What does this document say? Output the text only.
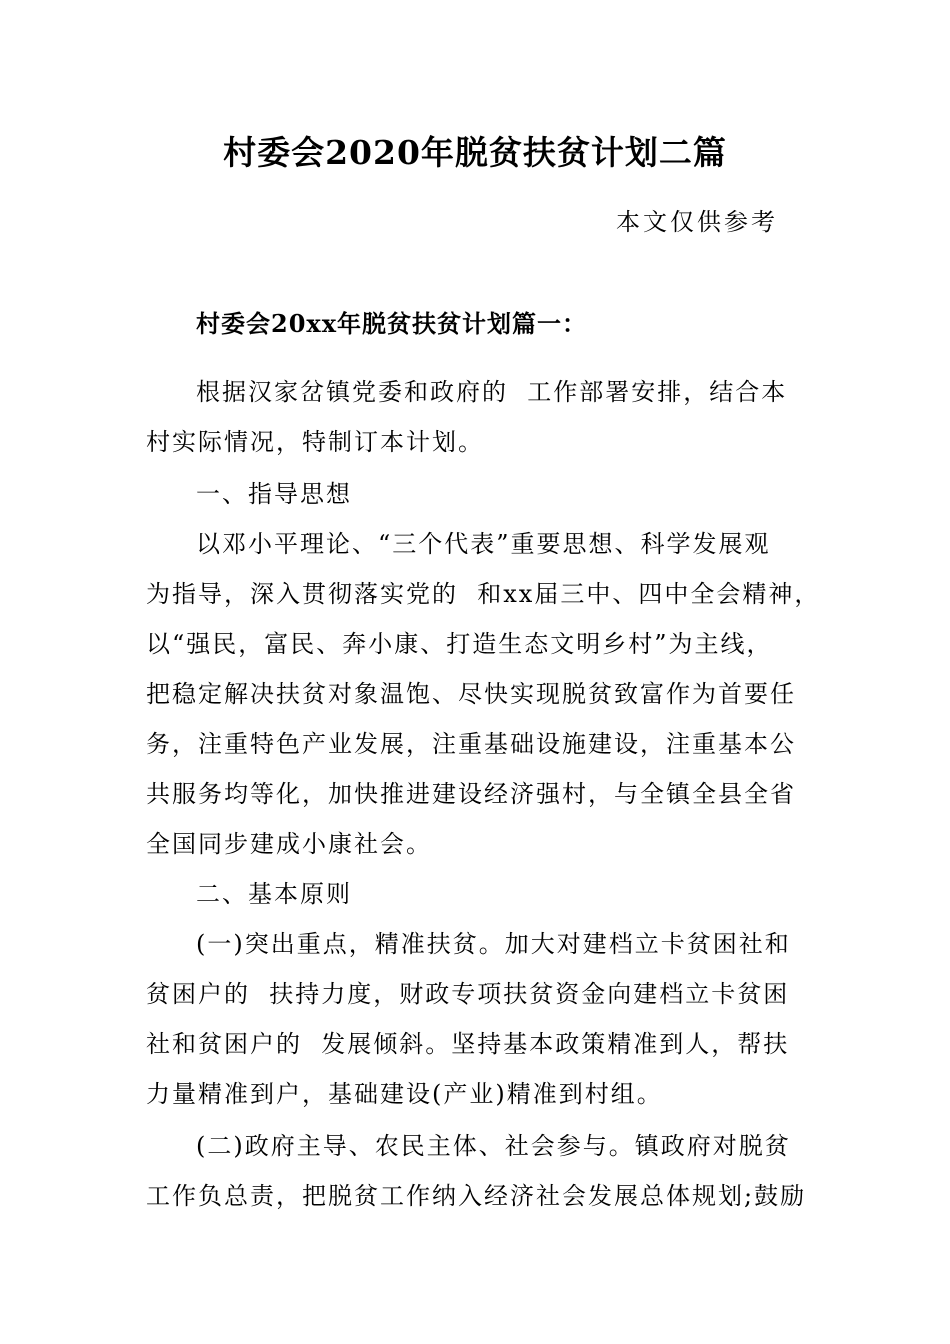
村委会2020年脱贫扶贫计划二篇
本文仅供参考
村委会20xx年脱贫扶贫计划篇一：
根据汉家岔镇党委和政府的  工作部署安排，结合本
村实际情况，特制订本计划。
一、指导思想
以邓小平理论、“三个代表”重要思想、科学发展观
为指导，深入贯彻落实党的  和xx届三中、四中全会精神，
以“强民，富民、奔小康、打造生态文明乡村”为主线，
把稳定解决扶贫对象温饱、尽快实现脱贫致富作为首要任
务，注重特色产业发展，注重基础设施建设，注重基本公
共服务均等化，加快推进建设经济强村，与全镇全县全省
全国同步建成小康社会。
二、基本原则
(一)突出重点，精准扶贫。加大对建档立卡贫困社和
贫困户的  扶持力度，财政专项扶贫资金向建档立卡贫困
社和贫困户的  发展倾斜。坚持基本政策精准到人，帮扶
力量精准到户，基础建设(产业)精准到村组。
(二)政府主导、农民主体、社会参与。镇政府对脱贫
工作负总责，把脱贫工作纳入经济社会发展总体规划;鼓励
